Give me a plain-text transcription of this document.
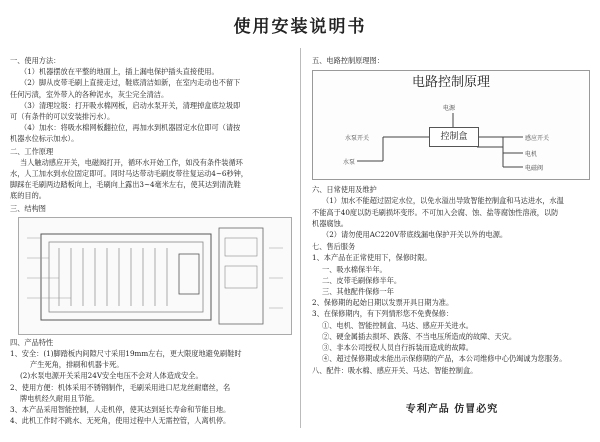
使用安装说明书
一、使用方法：
（1）机器摆放在平整的地面上，插上漏电保护插头直接使用。
（2）脚从皮带毛刷上直接走过，鞋底清洁如新，在室内走动也不留下
任何污渍，室外带入的各种泥水，灰尘完全清洁。
（3）清理垃圾：打开吸水棉网板，启动水泵开关，清理掉盒底垃圾即
可（有条件的可以安装排污水）。
（4）加水：将吸水棉网板翻拉位，再加水到机器固定水位即可（请按
机器水位标示加水）。
二、工作原理
当人触动感应开关，电磁阀打开，循环水开始工作，如没有条件装循环
水，人工加水到水位固定即可。同时马达带动毛刷皮带往复运动4~6秒钟，
脚踩在毛刷两边踏板向上，毛刷向上露出3~4毫米左右，使其达到清洗鞋
底的目的。
三、结构图
四、产品特性
1、安全：(1)脚踏板内间隙尺寸采用19mm左右，更大限度地避免刷鞋时
产生死角，排刷和机器卡死。
(2)水泵电源开关采用24V安全电压不会对人体造成安全。
2、使用方便：机体采用不锈钢制作，毛刷采用进口尼龙丝耐磨丝，名
牌电机经久耐用且节能。
3、本产品采用智能控制，人走机停，使其达到延长寿命和节能目地。
4、此机工作时不跳水、无死角，使用过程中人无需控管，人离机停。
五、电路控制原理图：
电路控制原理
电源
控制盒
水泵开关
水泵
感应开关
电机
电磁阀
六、日常使用及维护
（1）加水不能超过固定水位，以免水溢出导致智能控制盒和马达进水，水温
不能高于40度以防毛刷损坏变形。不可加入会腐、蚀、盐等腐蚀性溶液，以防
机器腐蚀。
（2）请勿使用AC220V带底线漏电保护开关以外的电源。
七、售后服务
1、本产品在正常使用下，保修时限。
一、吸水棉保半年。
二、皮带毛刷保修半年。
三、其他配件保修一年
2、保修期的起始日期以发票开具日期为准。
3、在保修期内，有下列情形您不免费保修：
①、电机、智能控制盒、马达、感应开关进水。
②、硬金属插去损坏、跌落、不当电压所造成的故障、天灾。
③、非本公司授权人员自行拆装而造成的故障。
④、超过保修期或未能出示保修期的产品，本公司维修中心仍竭诚为您服务。
八、配件：吸水棉、感应开关、马达、智能控制盒。
专利产品 仿冒必究
